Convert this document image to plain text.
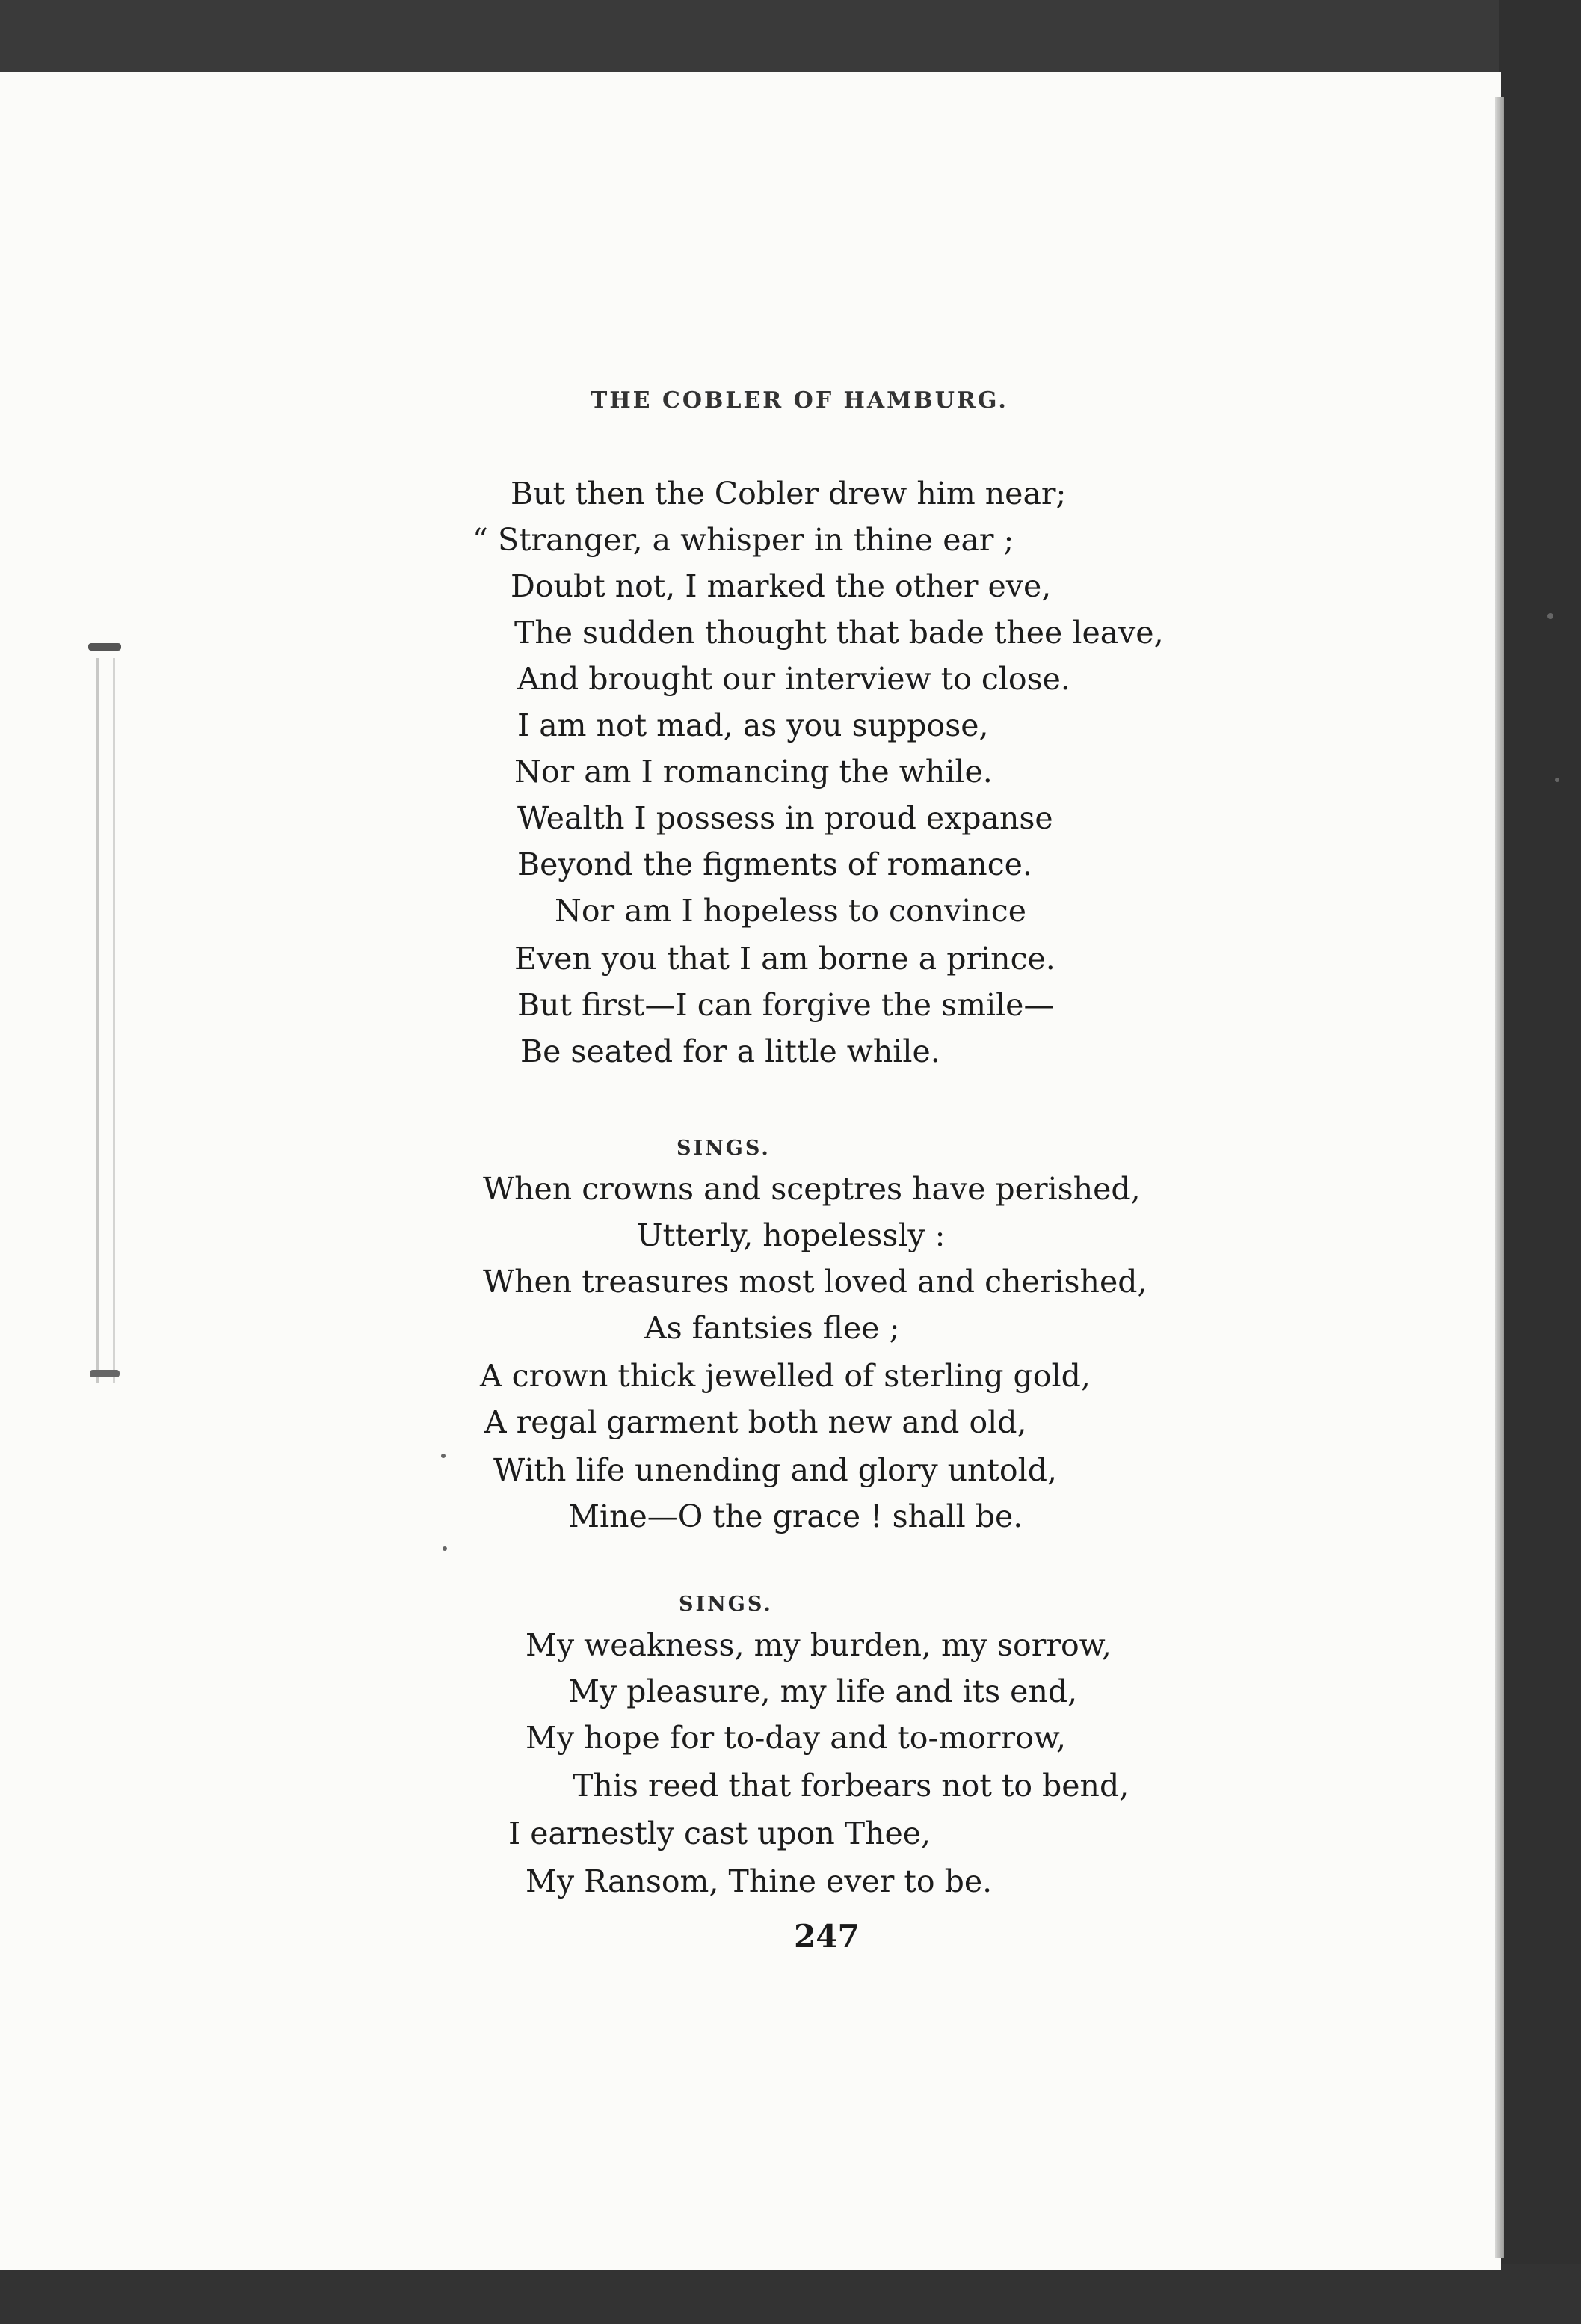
THE COBLER OF HAMBURG.
But then the Cobler drew him near;
“ Stranger, a whisper in thine ear ;
Doubt not, I marked the other eve,
The sudden thought that bade thee leave,
And brought our interview to close.
I am not mad, as you suppose,
Nor am I romancing the while.
Wealth I possess in proud expanse
Beyond the figments of romance.
Nor am I hopeless to convince
Even you that I am borne a prince.
But first—I can forgive the smile—
Be seated for a little while.
SINGS.
When crowns and sceptres have perished,
Utterly, hopelessly :
When treasures most loved and cherished,
As fantsies flee ;
A crown thick jewelled of sterling gold,
A regal garment both new and old,
With life unending and glory untold,
Mine—O the grace ! shall be.
SINGS.
My weakness, my burden, my sorrow,
My pleasure, my life and its end,
My hope for to-day and to-morrow,
This reed that forbears not to bend,
I earnestly cast upon Thee,
My Ransom, Thine ever to be.
247
